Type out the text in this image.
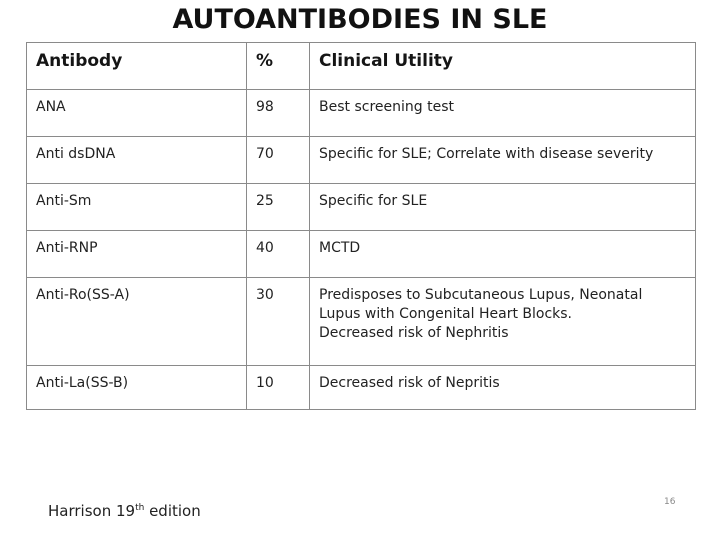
AUTOANTIBODIES IN SLE
Antibody	%	Clinical Utility
ANA	98	Best screening test
Anti dsDNA	70	Specific for SLE; Correlate with disease severity
Anti-Sm	25	Specific for SLE
Anti-RNP	40	MCTD
Anti-Ro(SS-A)	30	Predisposes to Subcutaneous Lupus, Neonatal
Lupus with Congenital Heart Blocks.
Decreased risk of Nephritis
Anti-La(SS-B)	10	Decreased risk of Nepritis
Harrison 19th edition	16
